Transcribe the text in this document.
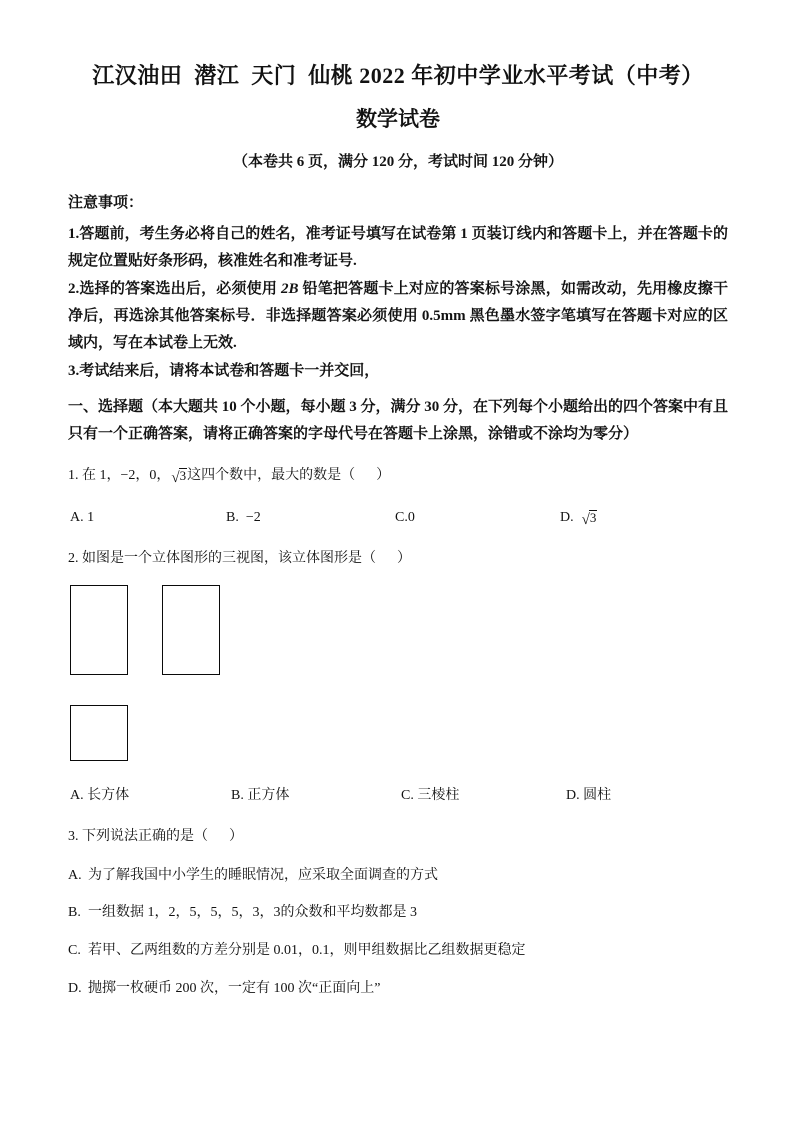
江汉油田  潜江  天门  仙桃 2022 年初中学业水平考试（中考）
数学试卷
（本卷共 6 页，满分 120 分，考试时间 120 分钟）
注意事项：
1.答题前，考生务必将自己的姓名，准考证号填写在试卷第 1 页装订线内和答题卡上，并在答题卡的规定位置贴好条形码，核准姓名和准考证号.
2.选择的答案选出后，必须使用 2B 铅笔把答题卡上对应的答案标号涂黑，如需改动，先用橡皮擦干净后，再选涂其他答案标号．非选择题答案必须使用 0.5mm 黑色墨水签字笔填写在答题卡对应的区域内，写在本试卷上无效.
3.考试结来后，请将本试卷和答题卡一并交回，
一、选择题（本大题共 10 个小题，每小题 3 分，满分 30 分，在下列每个小题给出的四个答案中有且只有一个正确答案，请将正确答案的字母代号在答题卡上涂黑，涂错或不涂均为零分）
1. 在 1，−2，0，√3这四个数中，最大的数是（      ）
A. 1	B. −2	C.0	D. √3
2. 如图是一个立体图形的三视图，该立体图形是（      ）
A. 长方体	B. 正方体	C. 三棱柱	D. 圆柱
3. 下列说法正确的是（      ）
A. 为了解我国中小学生的睡眠情况，应采取全面调查的方式
B. 一组数据 1，2，5，5，5，3，3的众数和平均数都是 3
C. 若甲、乙两组数的方差分别是 0.01，0.1，则甲组数据比乙组数据更稳定
D. 抛掷一枚硬币 200 次，一定有 100 次“正面向上”
